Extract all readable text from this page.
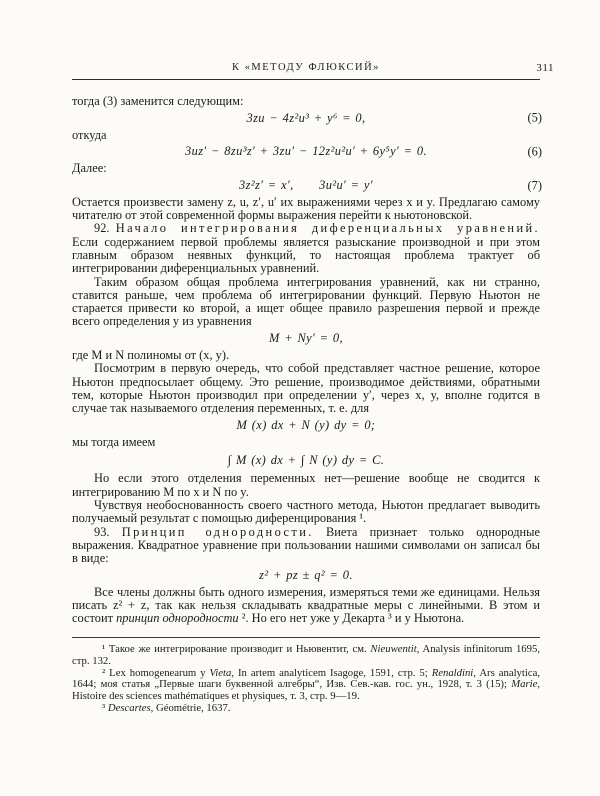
К «МЕТОДУ ФЛЮКСИЙ»	311

тогда (3) заменится следующим:

3zu − 4z²u³ + y⁶ = 0,	(5)

откуда

3uz′ − 8zu³z′ + 3zu′ − 12z²u²u′ + 6y⁵y′ = 0.	(6)

Далее:

3z²z′ = x′,  3u²u′ = y′	(7)

Остается произвести замену z, u, z′, u′ их выражениями через x и y. Предлагаю самому читателю от этой современной формы выражения перейти к ньютоновской.

92. Начало интегрирования диференциальных уравнений. Если содержанием первой проблемы является разыскание производной и при этом главным образом неявных функций, то настоящая проблема трактует об интегрировании диференциальных уравнений.

Таким образом общая проблема интегрирования уравнений, как ни странно, ставится раньше, чем проблема об интегрировании функций. Первую Ньютон не старается привести ко второй, а ищет общее правило разрешения первой и прежде всего определения y из уравнения

M + Ny′ = 0,

где M и N полиномы от (x, y).

Посмотрим в первую очередь, что собой представляет частное решение, которое Ньютон предпосылает общему. Это решение, производимое действиями, обратными тем, которые Ньютон производил при определении y′, через x, y, вполне годится в случае так называемого отделения переменных, т. е. для

M (x) dx + N (y) dy = 0;

мы тогда имеем

∫ M (x) dx + ∫ N (y) dy = C.

Но если этого отделения переменных нет—решение вообще не сводится к интегрированию M по x и N по y.

Чувствуя необоснованность своего частного метода, Ньютон предлагает выводить получаемый результат с помощью диференцирования ¹.

93. Принцип однородности. Виета признает только однородные выражения. Квадратное уравнение при пользовании нашими символами он записал бы в виде:

z² + pz ± q² = 0.

Все члены должны быть одного измерения, измеряться теми же единицами. Нельзя писать z² + z, так как нельзя складывать квадратные меры с линейными. В этом и состоит принцип однородности ². Но его нет уже у Декарта ³ и у Ньютона.

¹ Такое же интегрирование производит и Ньювентит, см. Nieuwentit, Analysis infinitorum 1695, стр. 132.

² Lex homogenearum у Vieta, In artem analyticem Isagoge, 1591, стр. 5; Renaldini, Ars analytica, 1644; моя статья „Первые шаги буквенной алгебры“, Изв. Сев.-кав. гос. ун., 1928, т. 3 (15); Marie, Histoire des sciences mathématiques et physiques, т. 3, стр. 9—19.

³ Descartes, Géométrie, 1637.
